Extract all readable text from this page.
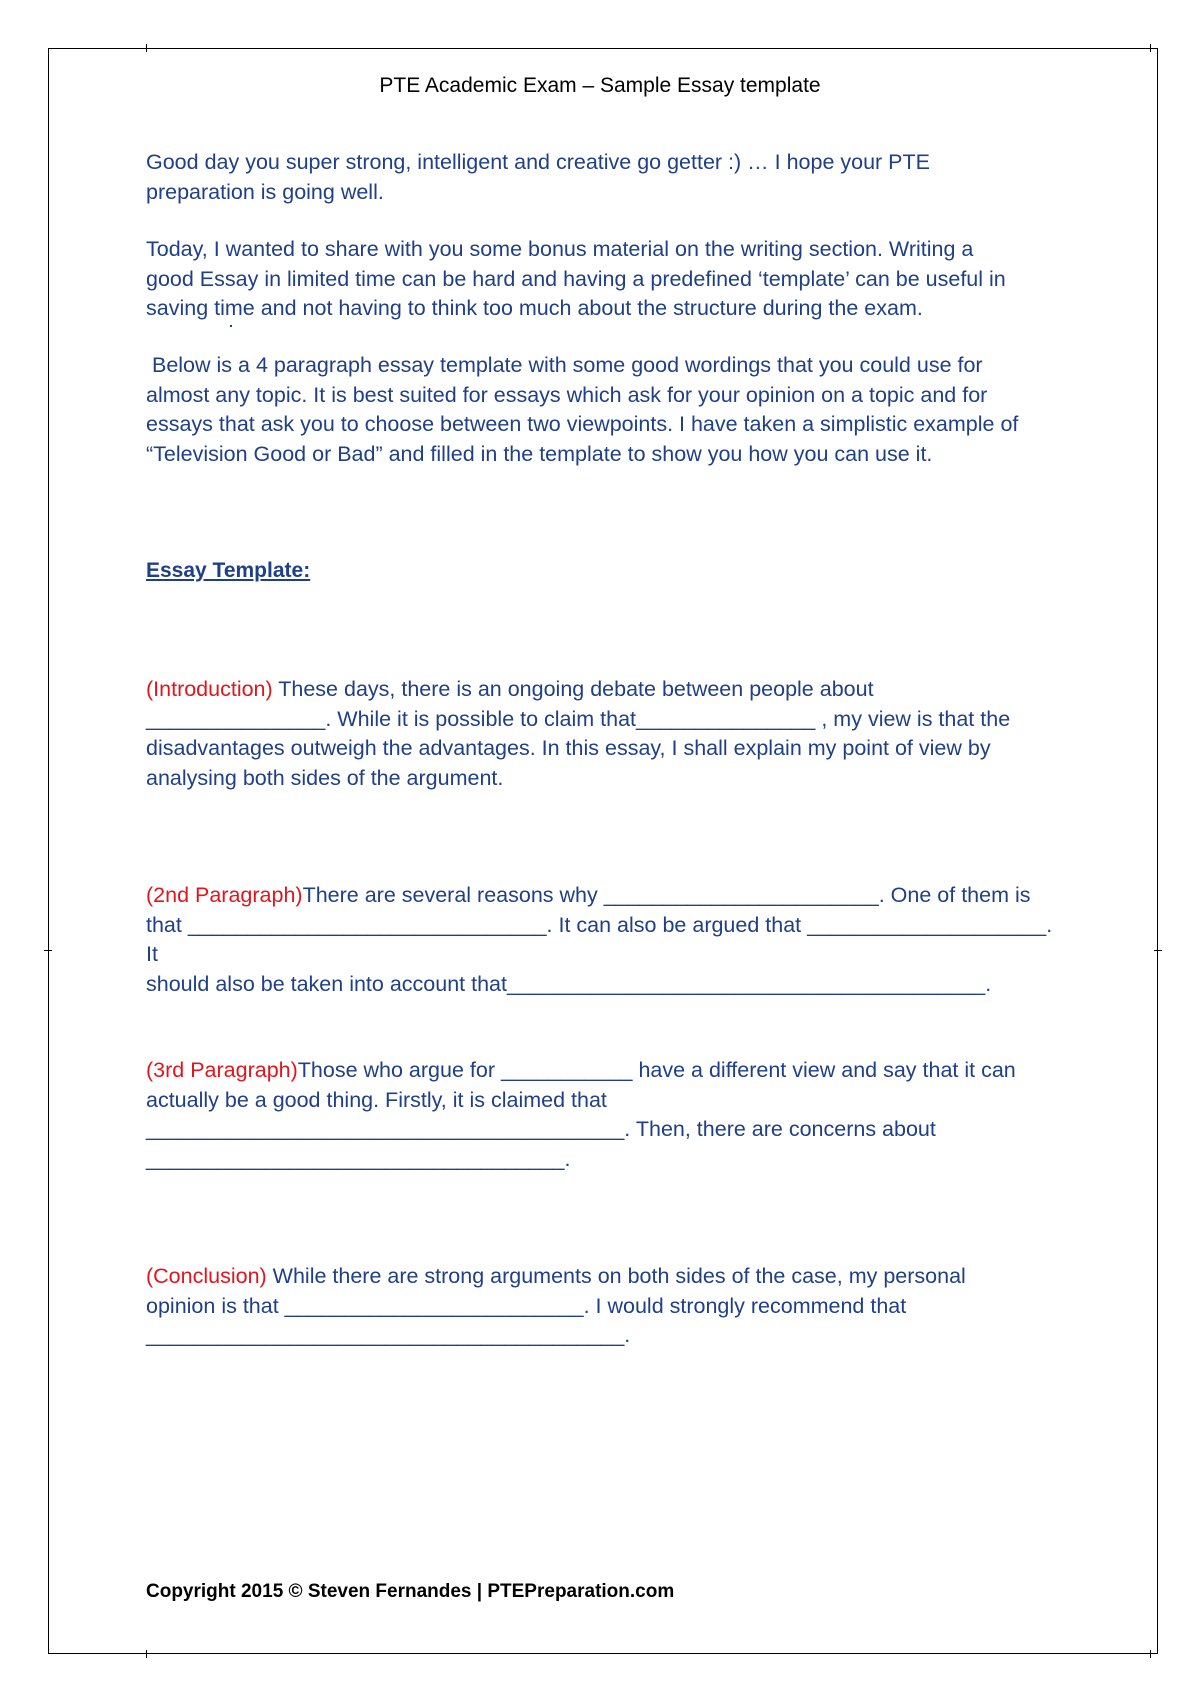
PTE Academic Exam – Sample Essay template

Good day you super strong, intelligent and creative go getter :) … I hope your PTE
preparation is going well.

Today, I wanted to share with you some bonus material on the writing section. Writing a
good Essay in limited time can be hard and having a predefined ‘template’ can be useful in
saving time and not having to think too much about the structure during the exam.

Below is a 4 paragraph essay template with some good wordings that you could use for
almost any topic. It is best suited for essays which ask for your opinion on a topic and for
essays that ask you to choose between two viewpoints. I have taken a simplistic example of
“Television Good or Bad” and filled in the template to show you how you can use it.

Essay Template:

(Introduction) These days, there is an ongoing debate between people about
_______________. While it is possible to claim that_______________ , my view is that the
disadvantages outweigh the advantages. In this essay, I shall explain my point of view by
analysing both sides of the argument.

(2nd Paragraph)There are several reasons why _______________________. One of them is
that ______________________________. It can also be argued that ____________________. It
should also be taken into account that________________________________________.

(3rd Paragraph)Those who argue for ___________ have a different view and say that it can
actually be a good thing. Firstly, it is claimed that
________________________________________. Then, there are concerns about
___________________________________.

(Conclusion) While there are strong arguments on both sides of the case, my personal
opinion is that _________________________. I would strongly recommend that
________________________________________.

Copyright 2015 © Steven Fernandes | PTEPreparation.com
